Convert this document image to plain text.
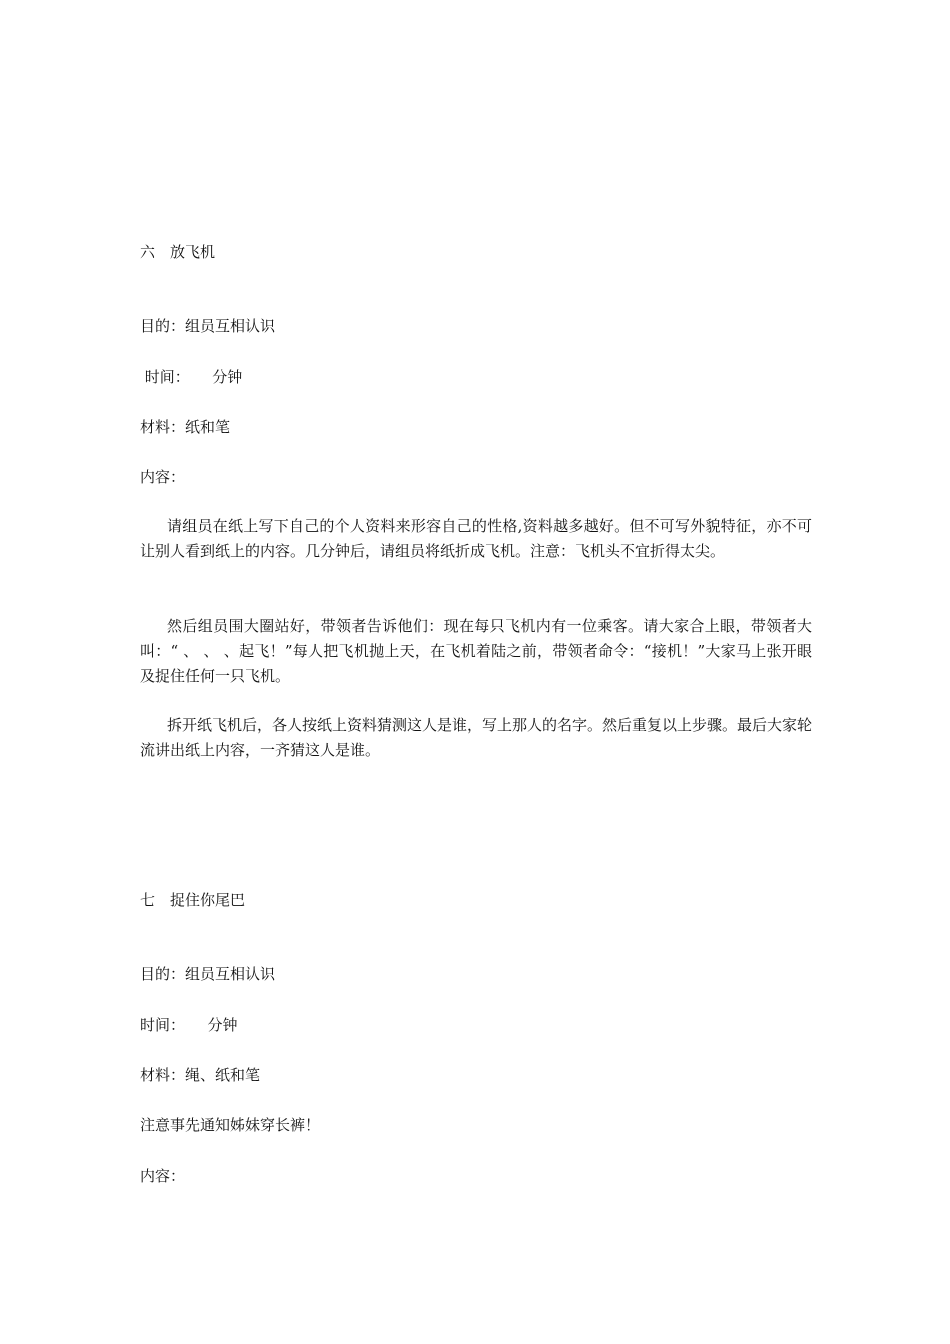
六　放飞机
目的：组员互相认识
时间：　　分钟
材料：纸和笔
内容：

请组员在纸上写下自己的个人资料来形容自己的性格,资料越多越好。但不可写外貌特征，亦不可让别人看到纸上的内容。几分钟后，请组员将纸折成飞机。注意：飞机头不宜折得太尖。

然后组员围大圈站好，带领者告诉他们：现在每只飞机内有一位乘客。请大家合上眼，带领者大叫：“ 、 、 、起飞！”每人把飞机抛上天，在飞机着陆之前，带领者命令：“接机！”大家马上张开眼及捉住任何一只飞机。

拆开纸飞机后，各人按纸上资料猜测这人是谁，写上那人的名字。然后重复以上步骤。最后大家轮流讲出纸上内容，一齐猜这人是谁。

七　捉住你尾巴
目的：组员互相认识
时间：　　分钟
材料：绳、纸和笔
注意事先通知姊妹穿长裤！
内容：
